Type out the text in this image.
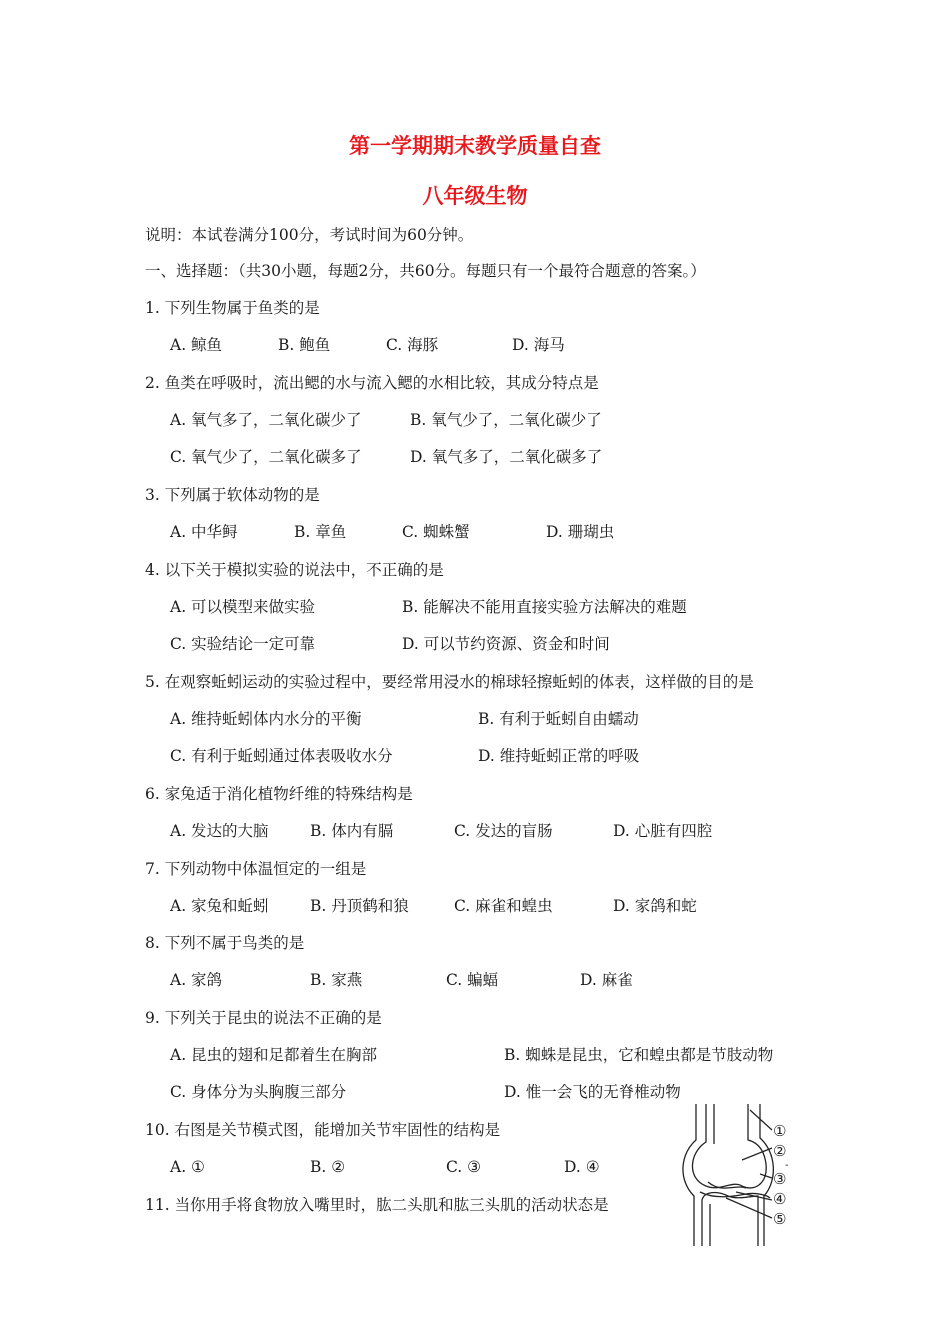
第一学期期末教学质量自查
八年级生物
说明：本试卷满分100分，考试时间为60分钟。
一、选择题：（共30小题，每题2分，共60分。每题只有一个最符合题意的答案。）
1. 下列生物属于鱼类的是
A. 鲸鱼	B. 鲍鱼	C. 海豚	D. 海马
2. 鱼类在呼吸时，流出鳃的水与流入鳃的水相比较，其成分特点是
A. 氧气多了，二氧化碳少了	B. 氧气少了，二氧化碳少了
C. 氧气少了，二氧化碳多了	D. 氧气多了，二氧化碳多了
3. 下列属于软体动物的是
A. 中华鲟	B. 章鱼	C. 蜘蛛蟹	D. 珊瑚虫
4. 以下关于模拟实验的说法中，不正确的是
A. 可以模型来做实验	B. 能解决不能用直接实验方法解决的难题
C. 实验结论一定可靠	D. 可以节约资源、资金和时间
5. 在观察蚯蚓运动的实验过程中，要经常用浸水的棉球轻擦蚯蚓的体表，这样做的目的是
A. 维持蚯蚓体内水分的平衡	B. 有利于蚯蚓自由蠕动
C. 有利于蚯蚓通过体表吸收水分	D. 维持蚯蚓正常的呼吸
6. 家兔适于消化植物纤维的特殊结构是
A. 发达的大脑	B. 体内有膈	C. 发达的盲肠	D. 心脏有四腔
7. 下列动物中体温恒定的一组是
A. 家兔和蚯蚓	B. 丹顶鹤和狼	C. 麻雀和蝗虫	D. 家鸽和蛇
8. 下列不属于鸟类的是
A. 家鸽	B. 家燕	C. 蝙蝠	D. 麻雀
9. 下列关于昆虫的说法不正确的是
A. 昆虫的翅和足都着生在胸部	B. 蜘蛛是昆虫，它和蝗虫都是节肢动物
C. 身体分为头胸腹三部分	D. 惟一会飞的无脊椎动物
10. 右图是关节模式图，能增加关节牢固性的结构是
A. ①	B. ②	C. ③	D. ④
11. 当你用手将食物放入嘴里时，肱二头肌和肱三头肌的活动状态是
①
②
-
③
④
⑤
